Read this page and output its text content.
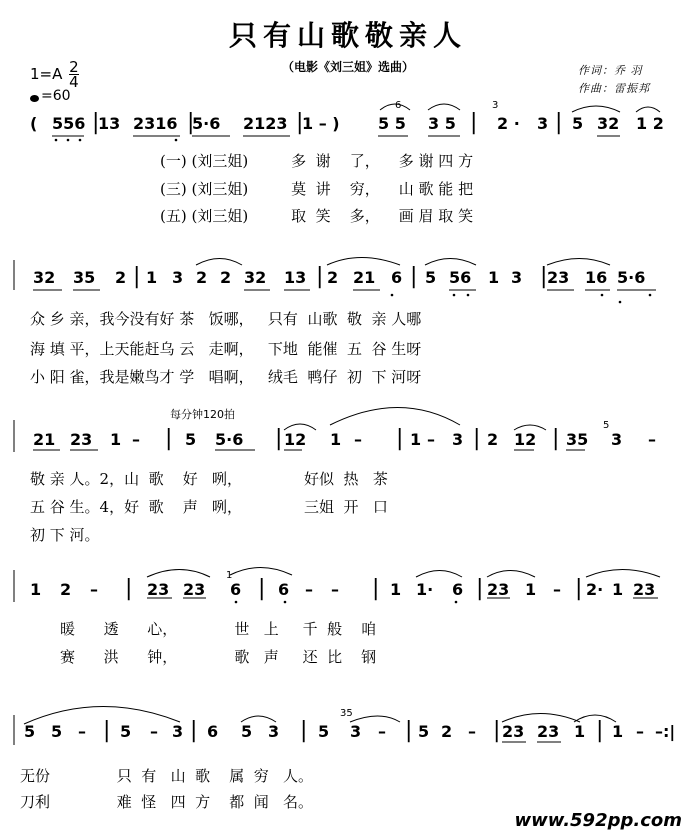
只有山歌敬亲人
（电影《刘三姐》选曲）	作词：乔 羽
作曲：雷振邦
$1=A \frac{2}{4}$
=60
( 556 |
13 2316 |
5·6 2123 |
1 – ) 5 5 3 5 | 2 · 3 | 5 32 1 2
(一) (刘三姐)         多  谢    了，    多 谢 四 方
(三) (刘三姐)         莫  讲    穷，    山 歌 能 把
(五) (刘三姐)         取  笑    多，    画 眉 取 笑
32 35 2 | 1 3 2 2 32 13 | 2 21 6 | 5 56 1 3 | 23 16 5·6
众 乡 亲，我今没有好 茶   饭哪，   只有  山歌  敬  亲 人哪
海 填 平，上天能赶乌 云   走啊，   下地  能催  五  谷 生呀
小 阳 雀，我是嫩鸟才 学   唱啊，   绒毛  鸭仔  初  下 河呀
21 23 1 – | 5 5·6 | 12 1 – | 1 – 3 | 2 12 | 35 3 –
敬 亲 人。2，山  歌    好   咧，             好似  热   茶
五 谷 生。4，好  歌    声   咧，             三姐  开   口
初 下 河。
1 2 – | 23 23 6 | 6 – – | 1 1· 6 | 23 1 – | 2· 1 23
暖      透      心，            世   上     千  般    咱
赛      洪      钟，            歌   声     还  比    钢
5 5 – | 5 – 3 | 6 5 3 | 5 3 – | 5 2 – | 23 23 1 | 1 – –:|
无份              只  有   山  歌    属  穷   人。
刀利              难  怪   四  方    都  闻   名。
6	3
5
1
35
每分钟120拍
www.592pp.com
